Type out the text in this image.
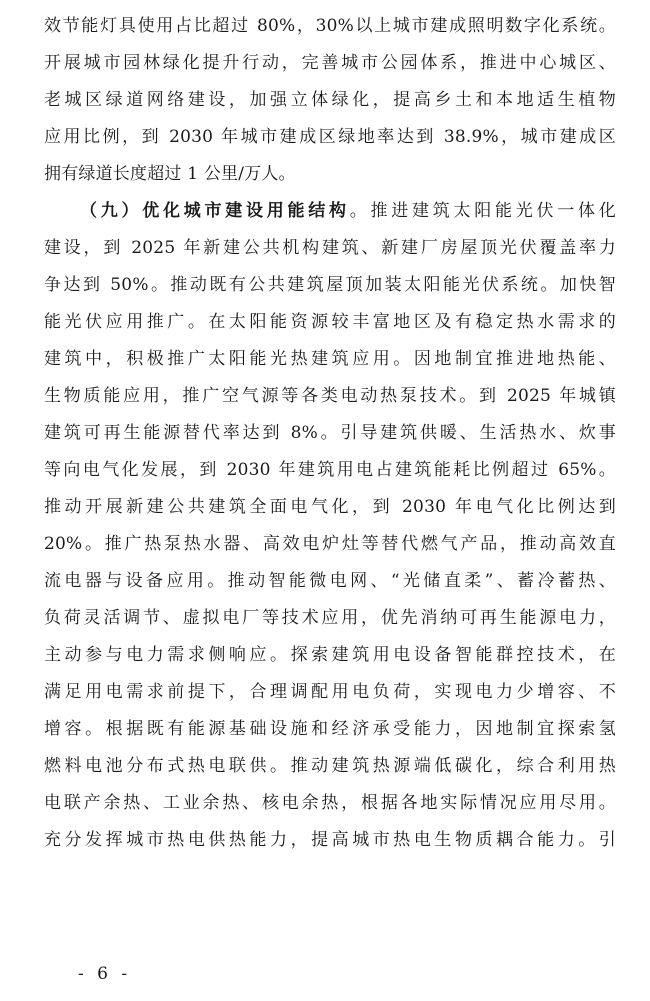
效节能灯具使用占比超过 80%，30%以上城市建成照明数字化系统。
开展城市园林绿化提升行动，完善城市公园体系，推进中心城区、
老城区绿道网络建设，加强立体绿化，提高乡土和本地适生植物
应用比例，到 2030 年城市建成区绿地率达到 38.9%，城市建成区
拥有绿道长度超过 1 公里/万人。
（九）优化城市建设用能结构。推进建筑太阳能光伏一体化
建设，到 2025 年新建公共机构建筑、新建厂房屋顶光伏覆盖率力
争达到 50%。推动既有公共建筑屋顶加装太阳能光伏系统。加快智
能光伏应用推广。在太阳能资源较丰富地区及有稳定热水需求的
建筑中，积极推广太阳能光热建筑应用。因地制宜推进地热能、
生物质能应用，推广空气源等各类电动热泵技术。到 2025 年城镇
建筑可再生能源替代率达到 8%。引导建筑供暖、生活热水、炊事
等向电气化发展，到 2030 年建筑用电占建筑能耗比例超过 65%。
推动开展新建公共建筑全面电气化，到 2030 年电气化比例达到
20%。推广热泵热水器、高效电炉灶等替代燃气产品，推动高效直
流电器与设备应用。推动智能微电网、“光储直柔”、蓄冷蓄热、
负荷灵活调节、虚拟电厂等技术应用，优先消纳可再生能源电力，
主动参与电力需求侧响应。探索建筑用电设备智能群控技术，在
满足用电需求前提下，合理调配用电负荷，实现电力少增容、不
增容。根据既有能源基础设施和经济承受能力，因地制宜探索氢
燃料电池分布式热电联供。推动建筑热源端低碳化，综合利用热
电联产余热、工业余热、核电余热，根据各地实际情况应用尽用。
充分发挥城市热电供热能力，提高城市热电生物质耦合能力。引
- 6 -
